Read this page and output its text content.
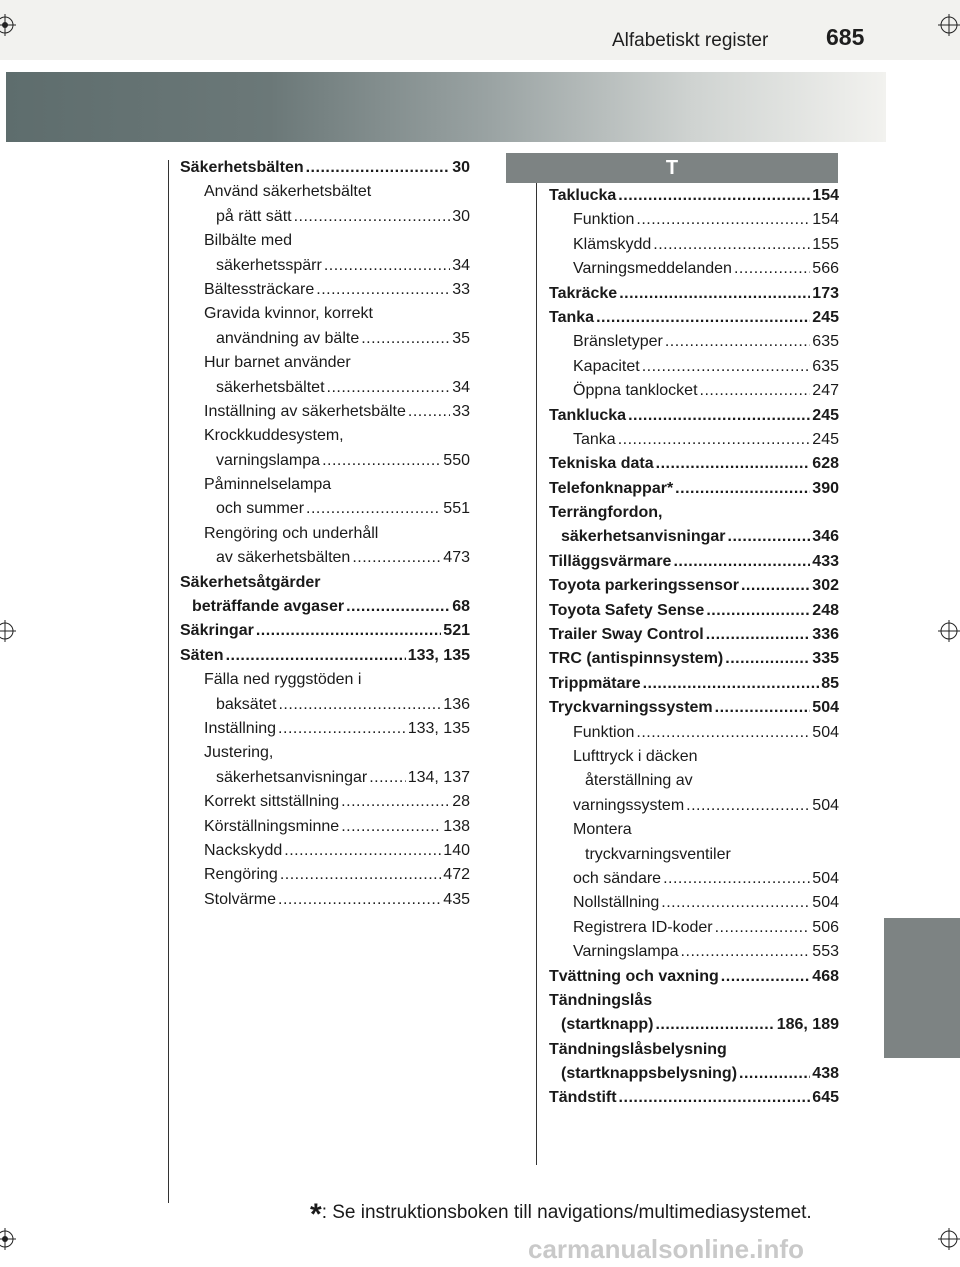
Alfabetiskt register	685
Säkerhetsbälten .....	30
Använd säkerhetsbältet
på rätt sätt .....	30
Bilbälte med
säkerhetsspärr .....	34
Bältessträckare .....	33
Gravida kvinnor, korrekt
användning av bälte .....	35
Hur barnet använder
säkerhetsbältet .....	34
Inställning av säkerhetsbälte .....	33
Krockkuddesystem,
varningslampa .....	550
Påminnelselampa
och summer .....	551
Rengöring och underhåll
av säkerhetsbälten .....	473
Säkerhetsåtgärder
beträffande avgaser .....	68
Säkringar .....	521
Säten .....	133, 135
Fälla ned ryggstöden i
baksätet .....	136
Inställning .....	133, 135
Justering,
säkerhetsanvisningar .....	134, 137
Korrekt sittställning .....	28
Körställningsminne .....	138
Nackskydd .....	140
Rengöring .....	472
Stolvärme .....	435
T
Taklucka .....	154
Funktion .....	154
Klämskydd .....	155
Varningsmeddelanden .....	566
Takräcke .....	173
Tanka .....	245
Bränsletyper .....	635
Kapacitet .....	635
Öppna tanklocket .....	247
Tanklucka .....	245
Tanka .....	245
Tekniska data .....	628
Telefonknappar* .....	390
Terrängfordon,
säkerhetsanvisningar .....	346
Tilläggsvärmare .....	433
Toyota parkeringssensor .....	302
Toyota Safety Sense .....	248
Trailer Sway Control .....	336
TRC (antispinnsystem) .....	335
Trippmätare .....	85
Tryckvarningssystem .....	504
Funktion .....	504
Lufttryck i däcken
återställning av
varningssystem .....	504
Montera
tryckvarningsventiler
och sändare .....	504
Nollställning .....	504
Registrera ID-koder .....	506
Varningslampa .....	553
Tvättning och vaxning .....	468
Tändningslås
(startknapp) .....	186, 189
Tändningslåsbelysning
(startknappsbelysning) .....	438
Tändstift .....	645
*: Se instruktionsboken till navigations/multimediasystemet.
carmanualsonline.info
